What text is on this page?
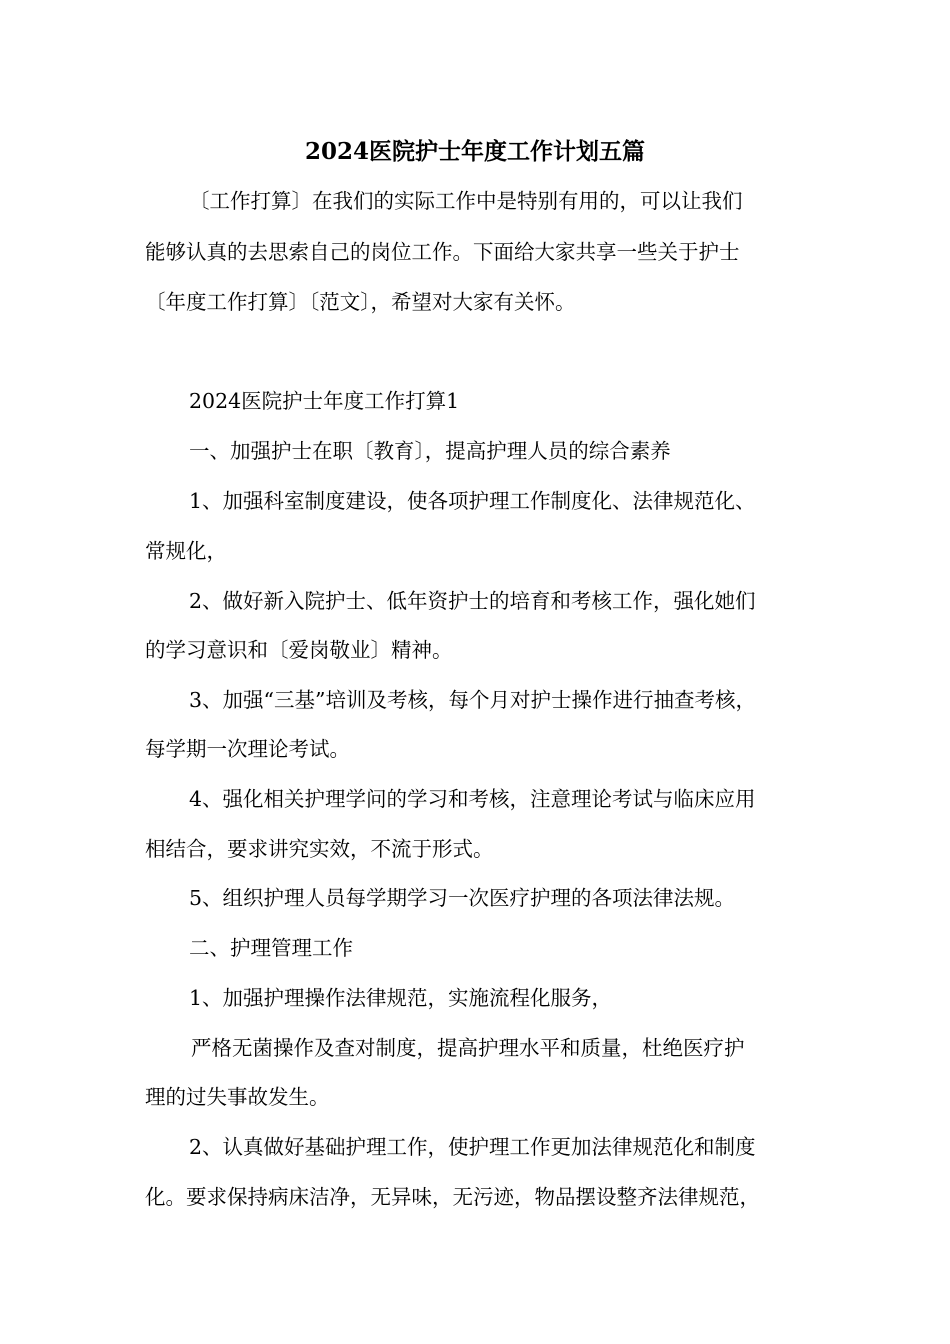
2024医院护士年度工作计划五篇
〔工作打算〕在我们的实际工作中是特别有用的，可以让我们
能够认真的去思索自己的岗位工作。下面给大家共享一些关于护士
〔年度工作打算〕〔范文〕，希望对大家有关怀。
2024医院护士年度工作打算1
一、加强护士在职〔教育〕，提高护理人员的综合素养
1、加强科室制度建设，使各项护理工作制度化、法律规范化、
常规化，
2、做好新入院护士、低年资护士的培育和考核工作，强化她们
的学习意识和〔爱岗敬业〕精神。
3、加强“三基”培训及考核，每个月对护士操作进行抽查考核，
每学期一次理论考试。
4、强化相关护理学问的学习和考核，注意理论考试与临床应用
相结合，要求讲究实效，不流于形式。
5、组织护理人员每学期学习一次医疗护理的各项法律法规。
二、护理管理工作
1、加强护理操作法律规范，实施流程化服务，
严格无菌操作及查对制度，提高护理水平和质量，杜绝医疗护
理的过失事故发生。
2、认真做好基础护理工作，使护理工作更加法律规范化和制度
化。要求保持病床洁净，无异味，无污迹，物品摆设整齐法律规范，
